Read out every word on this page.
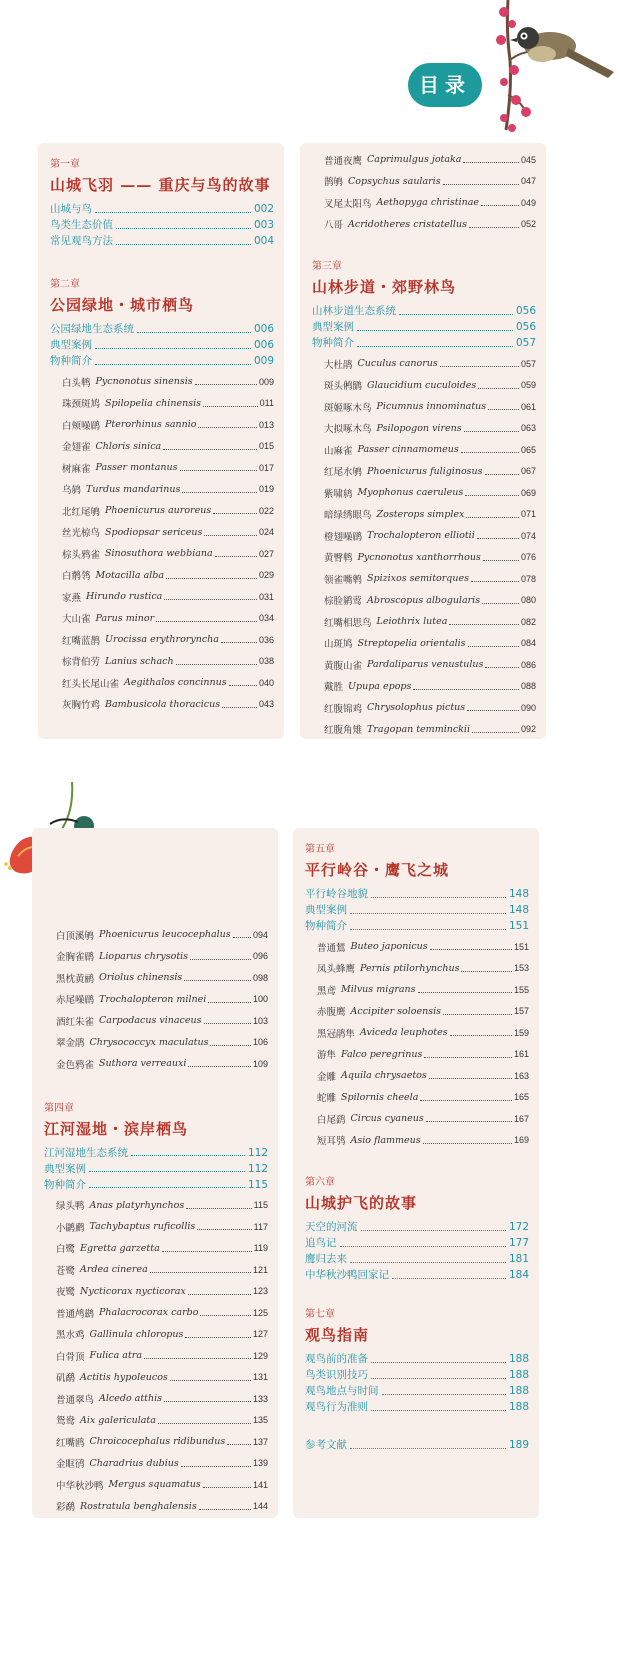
目录
第一章
山城飞羽 —— 重庆与鸟的故事
山城与鸟	002
鸟类生态价值	003
常见观鸟方法	004
第二章
公园绿地・城市栖鸟
公园绿地生态系统	006
典型案例	006
物种简介	009
白头鹎 Pycnonotus sinensis	009
珠颈斑鸠 Spilopelia chinensis	011
白颊噪鹛 Pterorhinus sannio	013
金翅雀 Chloris sinica	015
树麻雀 Passer montanus	017
乌鸫 Turdus mandarinus	019
北红尾鸲 Phoenicurus auroreus	022
丝光椋鸟 Spodiopsar sericeus	024
棕头鸦雀 Sinosuthora webbiana	027
白鹡鸰 Motacilla alba	029
家燕 Hirundo rustica	031
大山雀 Parus minor	034
红嘴蓝鹊 Urocissa erythroryncha	036
棕背伯劳 Lanius schach	038
红头长尾山雀 Aegithalos concinnus	040
灰胸竹鸡 Bambusicola thoracicus	043
普通夜鹰 Caprimulgus jotaka	045
鹊鸲 Copsychus saularis	047
叉尾太阳鸟 Aethopyga christinae	049
八哥 Acridotheres cristatellus	052
第三章
山林步道・郊野林鸟
山林步道生态系统	056
典型案例	056
物种简介	057
大杜鹃 Cuculus canorus	057
斑头鸺鹠 Glaucidium cuculoides	059
斑姬啄木鸟 Picumnus innominatus	061
大拟啄木鸟 Psilopogon virens	063
山麻雀 Passer cinnamomeus	065
红尾水鸲 Phoenicurus fuliginosus	067
紫啸鸫 Myophonus caeruleus	069
暗绿绣眼鸟 Zosterops simplex	071
橙翅噪鹛 Trochalopteron elliotii	074
黄臀鹎 Pycnonotus xanthorrhous	076
领雀嘴鹎 Spizixos semitorques	078
棕脸鹟莺 Abroscopus albogularis	080
红嘴相思鸟 Leiothrix lutea	082
山斑鸠 Streptopelia orientalis	084
黄腹山雀 Pardaliparus venustulus	086
戴胜 Upupa epops	088
红腹锦鸡 Chrysolophus pictus	090
红腹角雉 Tragopan temminckii	092
白顶溪鸲 Phoenicurus leucocephalus 094
金胸雀鹛 Lioparus chrysotis	096
黑枕黄鹂 Oriolus chinensis	098
赤尾噪鹛 Trochalopteron milnei	100
酒红朱雀 Carpodacus vinaceus	103
翠金鹃 Chrysococcyx maculatus	106
金色鸦雀 Suthora verreauxi	109
第四章
江河湿地・滨岸栖鸟
江河湿地生态系统	112
典型案例	112
物种简介	115
绿头鸭 Anas platyrhynchos	115
小䴙䴘 Tachybaptus ruficollis	117
白鹭 Egretta garzetta	119
苍鹭 Ardea cinerea	121
夜鹭 Nycticorax nycticorax	123
普通鸬鹚 Phalacrocorax carbo	125
黑水鸡 Gallinula chloropus	127
白骨顶 Fulica atra	129
矶鹬 Actitis hypoleucos	131
普通翠鸟 Alcedo atthis	133
鸳鸯 Aix galericulata	135
红嘴鸥 Chroicocephalus ridibundus	137
金眶鸻 Charadrius dubius	139
中华秋沙鸭 Mergus squamatus	141
彩鹬 Rostratula benghalensis	144
第五章
平行岭谷・鹰飞之城
平行岭谷地貌	148
典型案例	148
物种简介	151
普通鵟 Buteo japonicus	151
凤头蜂鹰 Pernis ptilorhynchus	153
黑鸢 Milvus migrans	155
赤腹鹰 Accipiter soloensis	157
黑冠鹃隼 Aviceda leuphotes	159
游隼 Falco peregrinus	161
金雕 Aquila chrysaetos	163
蛇雕 Spilornis cheela	165
白尾鹞 Circus cyaneus	167
短耳鸮 Asio flammeus	169
第六章
山城护飞的故事
天空的河流	172
追鸟记	177
鹰归去来	181
中华秋沙鸭回家记	184
第七章
观鸟指南
观鸟前的准备	188
鸟类识别技巧	188
观鸟地点与时间	188
观鸟行为准则	188
参考文献	189
